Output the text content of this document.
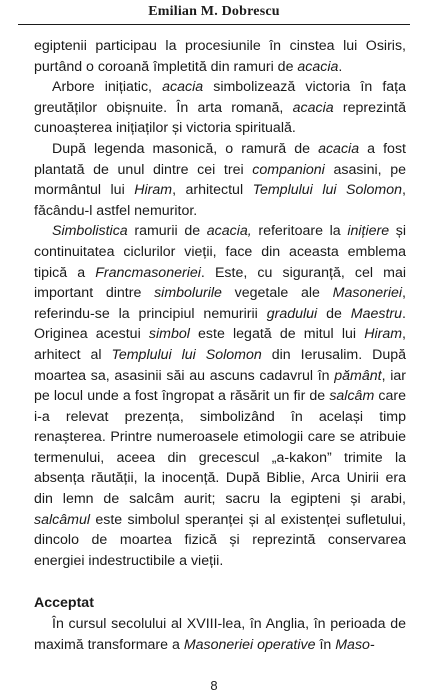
Emilian M. Dobrescu

egiptenii participau la procesiunile în cinstea lui Osiris, purtând o coroană împletită din ramuri de acacia.

Arbore inițiatic, acacia simbolizează victoria în fața greutăților obișnuite. În arta romană, acacia reprezintă cunoașterea inițiaților și victoria spirituală.

După legenda masonică, o ramură de acacia a fost plantată de unul dintre cei trei companioni asasini, pe mormântul lui Hiram, arhitectul Templului lui Solomon, făcându-l astfel nemuritor.

Simbolistica ramurii de acacia, referitoare la inițiere și continuitatea ciclurilor vieții, face din aceasta emblema tipică a Francmasoneriei. Este, cu siguranță, cel mai important dintre simbolurile vegetale ale Masoneriei, referindu-se la principiul nemuririi gradului de Maestru. Originea acestui simbol este legată de mitul lui Hiram, arhitect al Templului lui Solomon din Ierusalim. După moartea sa, asasinii săi au ascuns cadavrul în pământ, iar pe locul unde a fost îngropat a răsărit un fir de salcâm care i-a relevat prezența, simbolizând în același timp renașterea. Printre numeroasele etimologii care se atribuie termenului, aceea din grecescul „a-kakon” trimite la absența răutății, la inocență. După Biblie, Arca Unirii era din lemn de salcâm aurit; sacru la egipteni și arabi, salcâmul este simbolul speranței și al existenței sufletului, dincolo de moartea fizică și reprezintă conservarea energiei indestructibile a vieții.

Acceptat

În cursul secolului al XVIII-lea, în Anglia, în perioada de maximă transformare a Masoneriei operative în Maso-

8
